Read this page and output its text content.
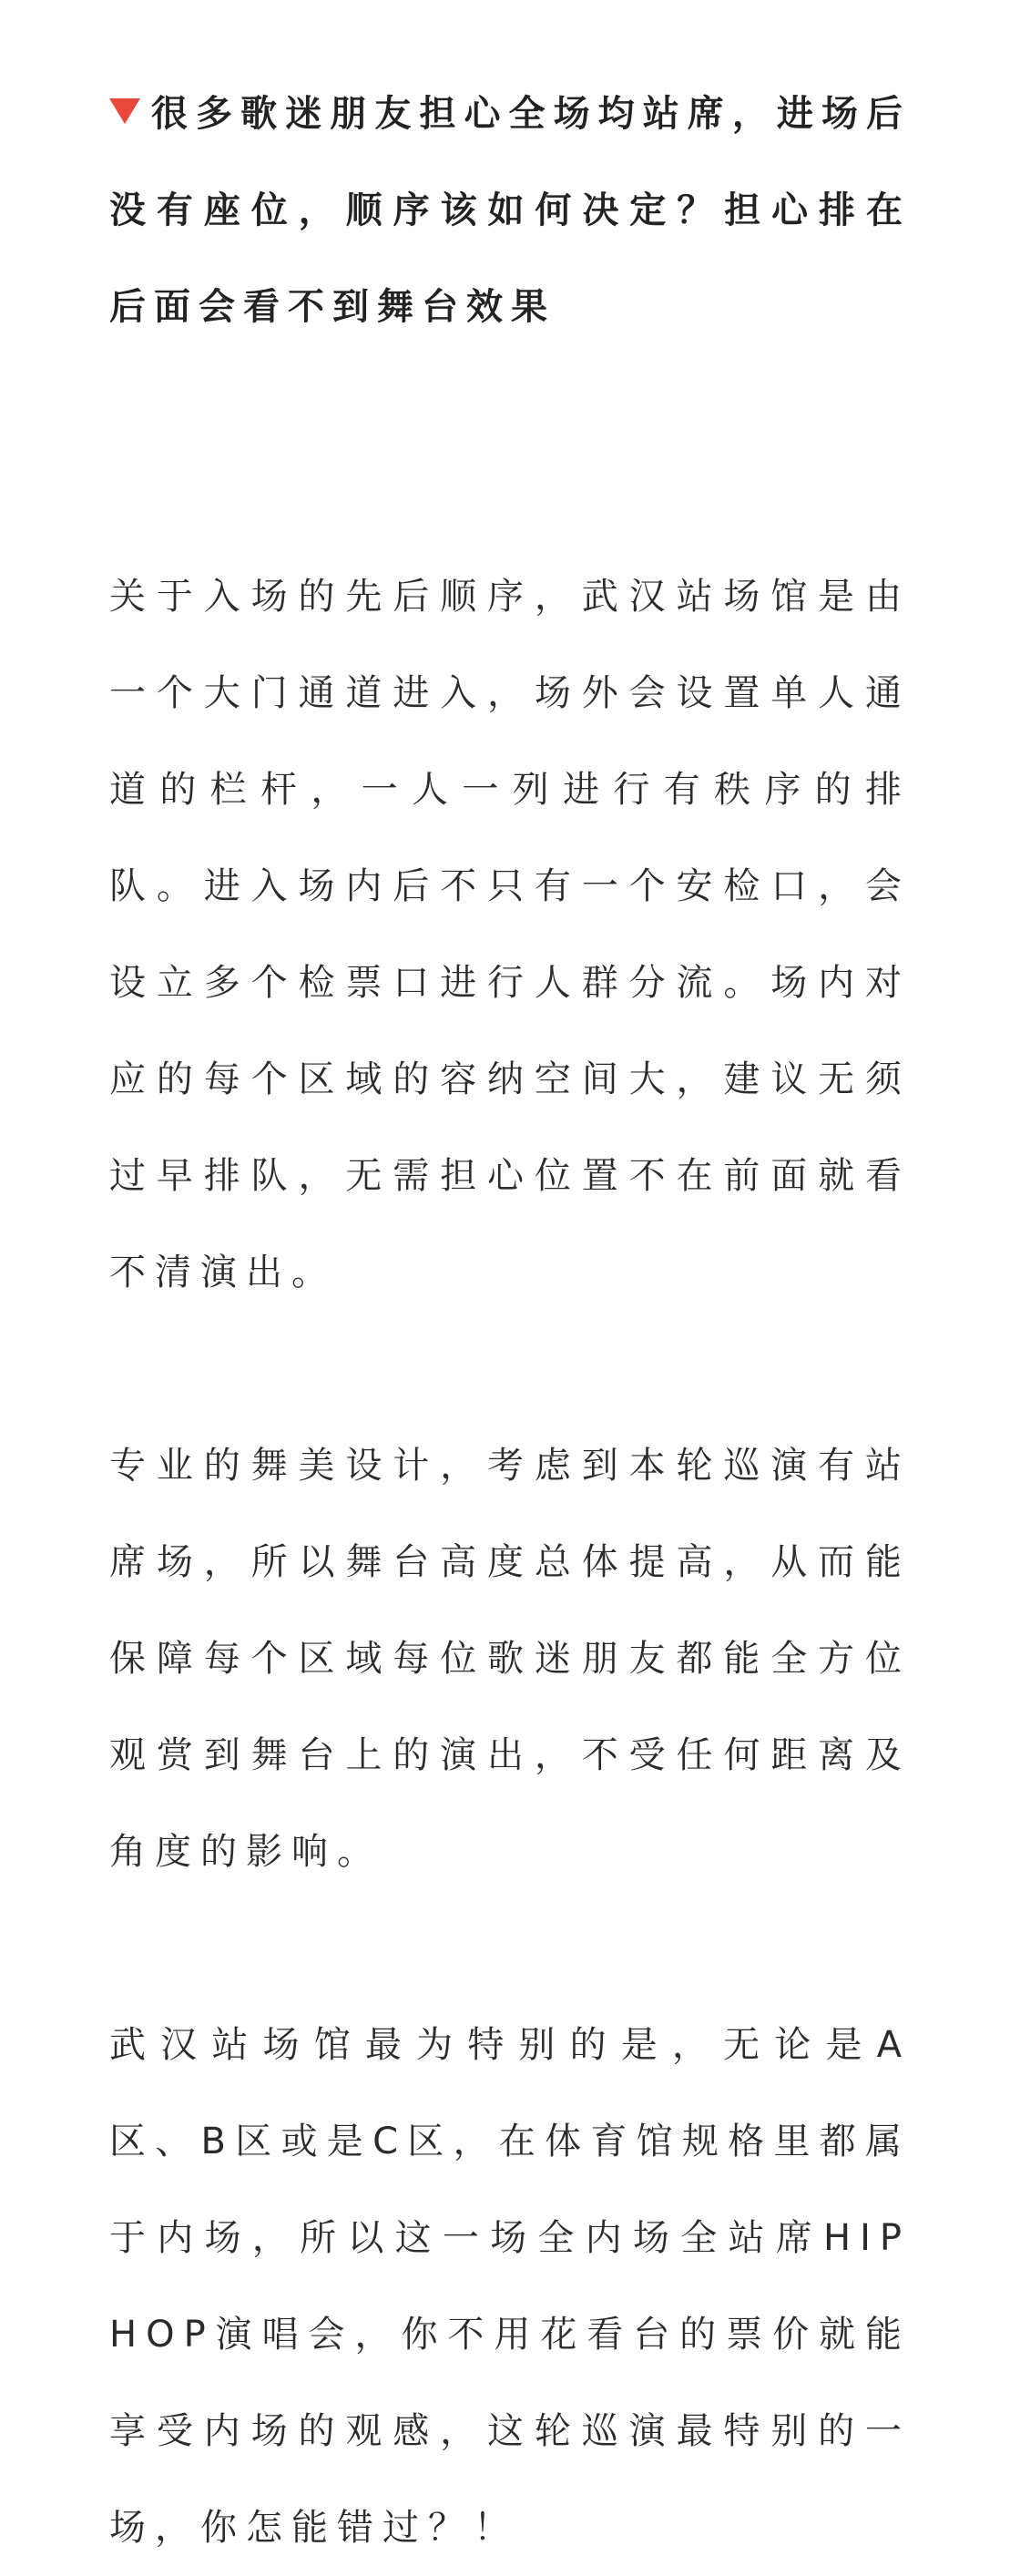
很多歌迷朋友担心全场均站席，进场后没有座位，顺序该如何决定？担心排在后面会看不到舞台效果

关于入场的先后顺序，武汉站场馆是由一个大门通道进入，场外会设置单人通道的栏杆，一人一列进行有秩序的排队。进入场内后不只有一个安检口，会设立多个检票口进行人群分流。场内对应的每个区域的容纳空间大，建议无须过早排队，无需担心位置不在前面就看不清演出。

专业的舞美设计，考虑到本轮巡演有站席场，所以舞台高度总体提高，从而能保障每个区域每位歌迷朋友都能全方位观赏到舞台上的演出，不受任何距离及角度的影响。

武汉站场馆最为特别的是，无论是A区、B区或是C区，在体育馆规格里都属于内场，所以这一场全内场全站席HIP HOP演唱会，你不用花看台的票价就能享受内场的观感，这轮巡演最特别的一场，你怎能错过？！
